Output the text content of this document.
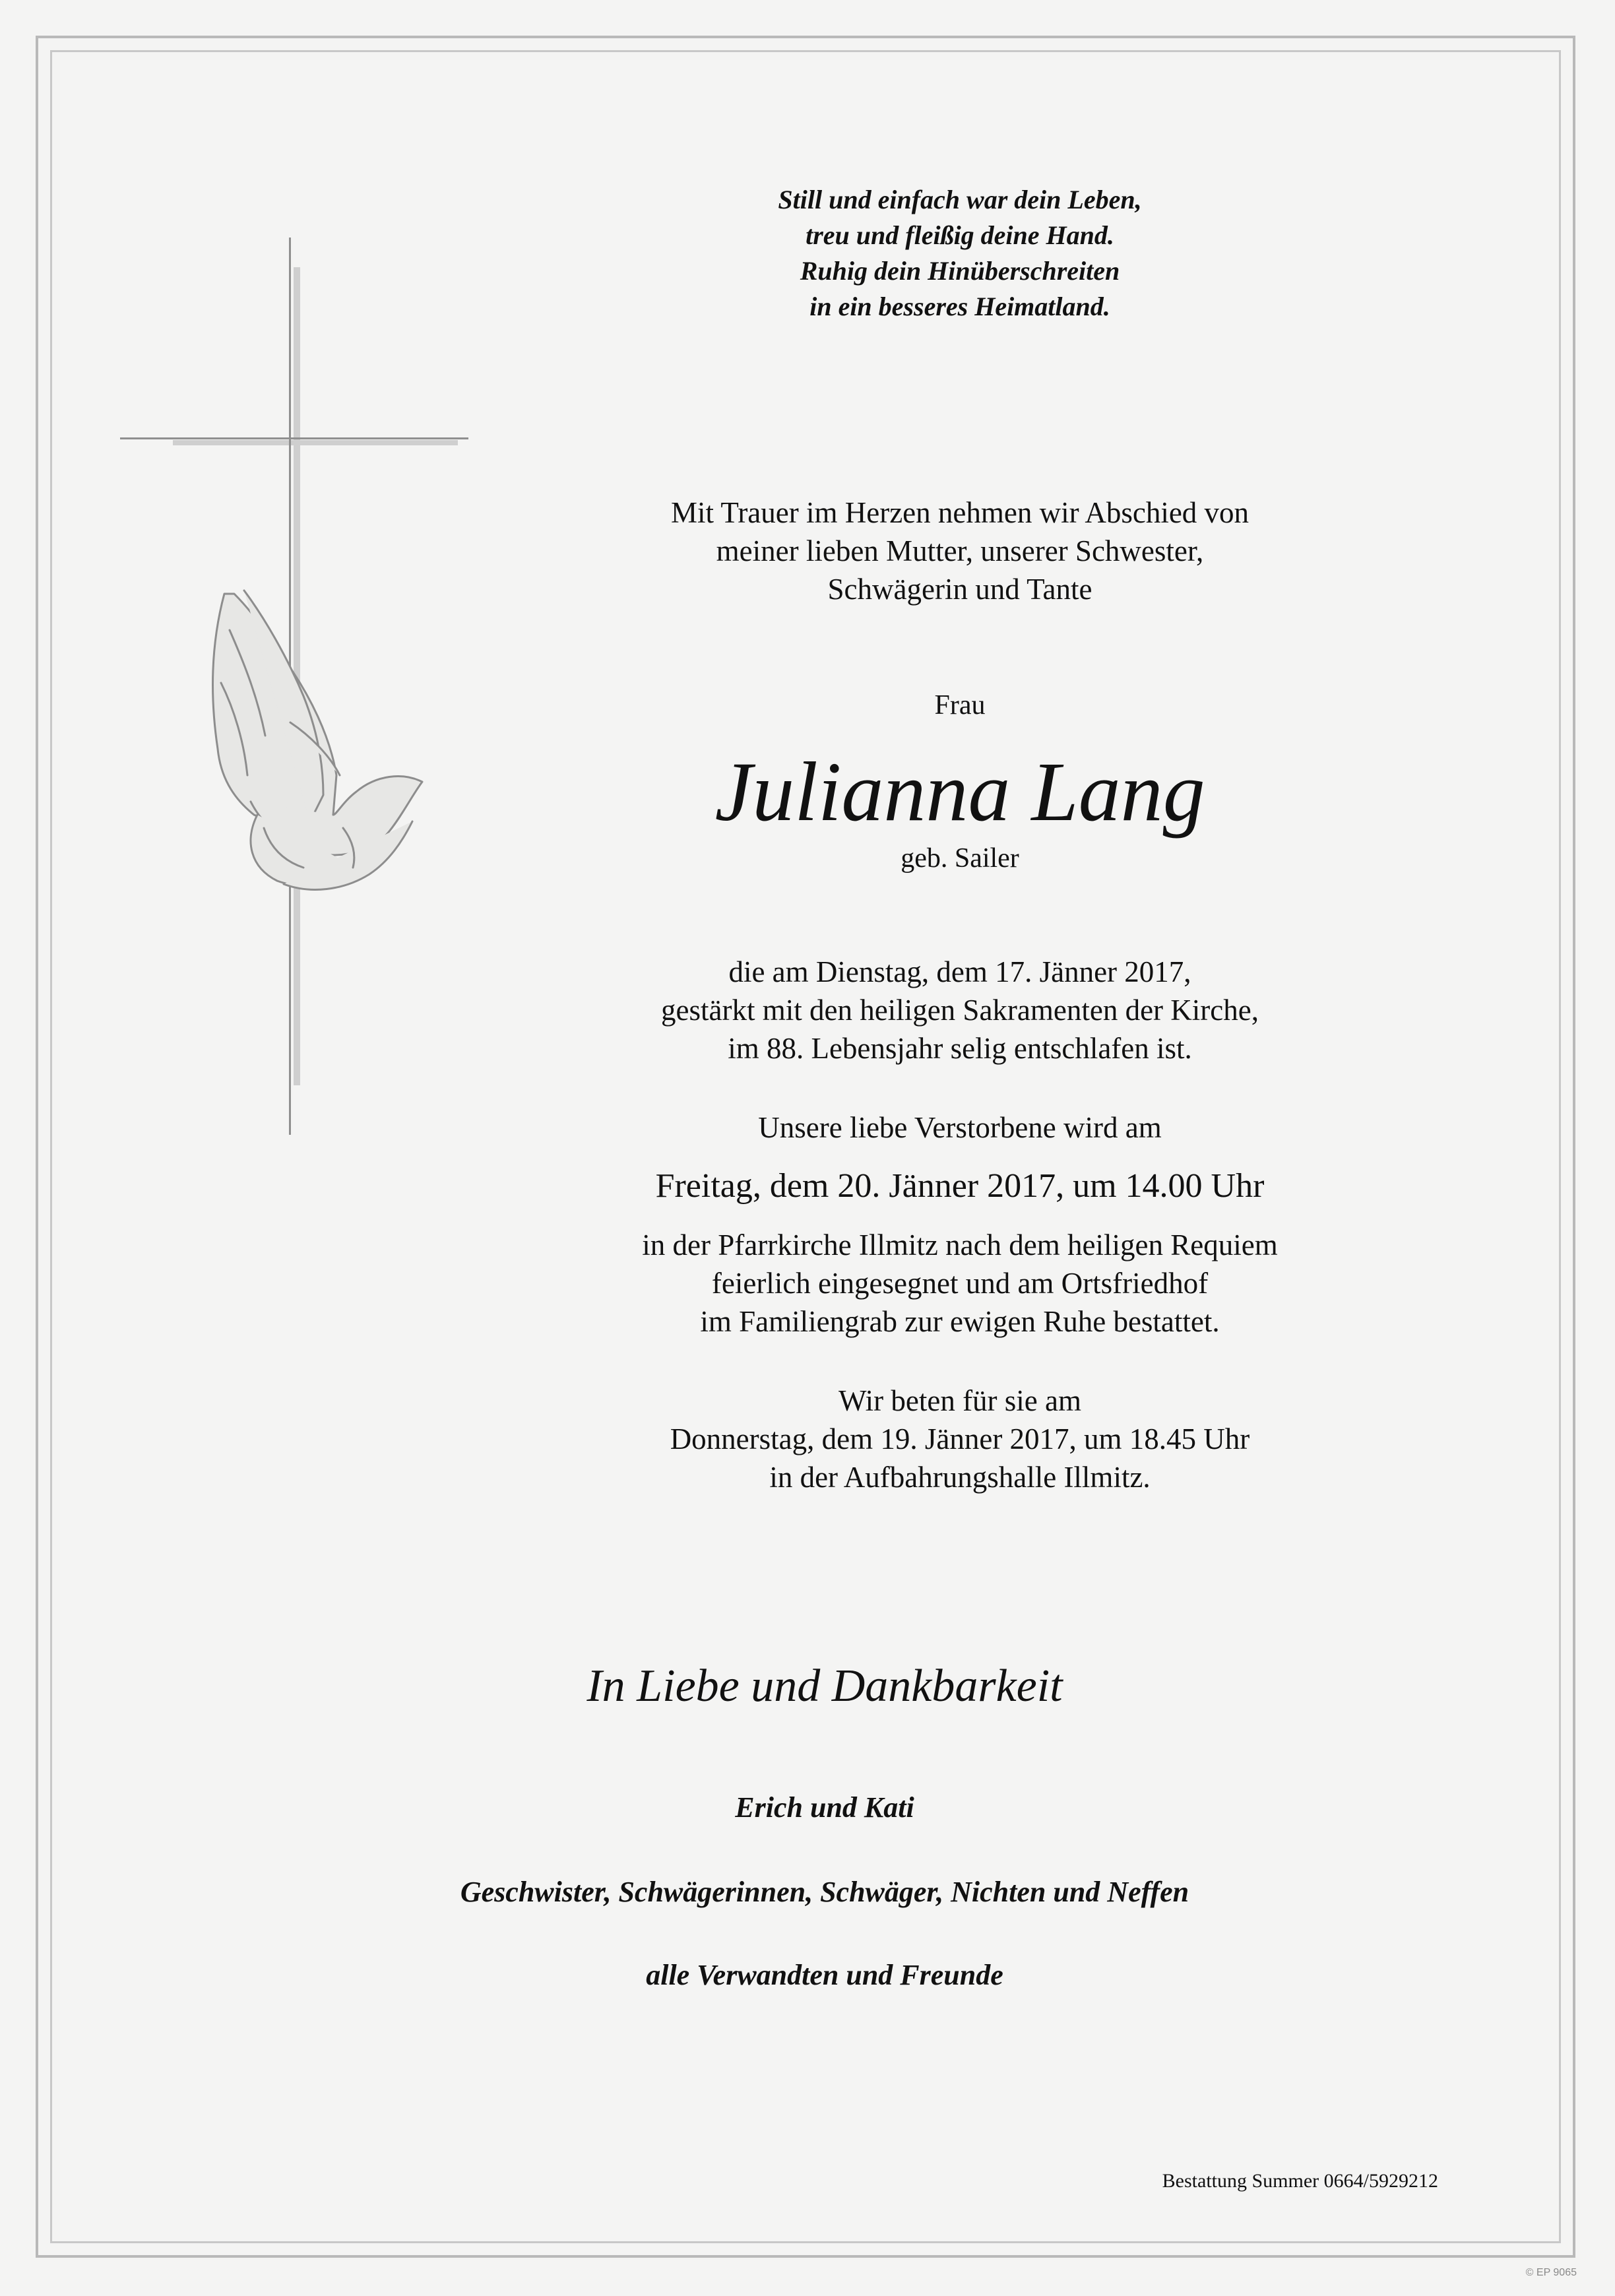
Still und einfach war dein Leben,
treu und fleißig deine Hand.
Ruhig dein Hinüberschreiten
in ein besseres Heimatland.
Mit Trauer im Herzen nehmen wir Abschied von
meiner lieben Mutter, unserer Schwester,
Schwägerin und Tante
Frau
Julianna Lang
geb. Sailer
die am Dienstag, dem 17. Jänner 2017,
gestärkt mit den heiligen Sakramenten der Kirche,
im 88. Lebensjahr selig entschlafen ist.
Unsere liebe Verstorbene wird am
Freitag, dem 20. Jänner 2017, um 14.00 Uhr
in der Pfarrkirche Illmitz nach dem heiligen Requiem
feierlich eingesegnet und am Ortsfriedhof
im Familiengrab zur ewigen Ruhe bestattet.
Wir beten für sie am
Donnerstag, dem 19. Jänner 2017, um 18.45 Uhr
in der Aufbahrungshalle Illmitz.
In Liebe und Dankbarkeit
Erich und Kati
Geschwister, Schwägerinnen, Schwäger, Nichten und Neffen
alle Verwandten und Freunde
Bestattung Summer 0664/5929212
© EP 9065
